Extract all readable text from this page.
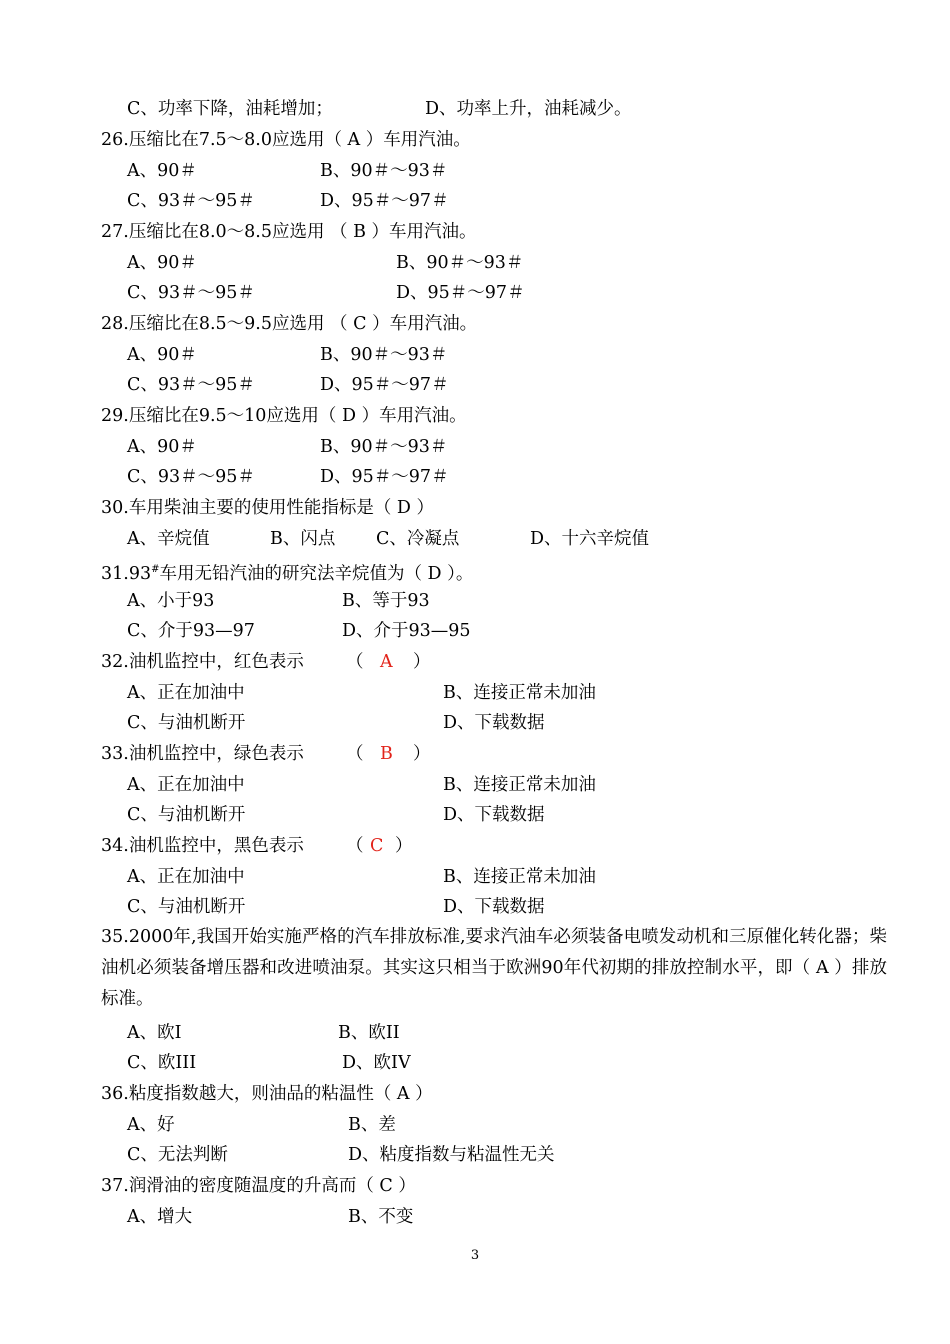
C、功率下降，油耗增加；	D、功率上升，油耗减少。
26.压缩比在7.5～8.0应选用（ A ）车用汽油。
A、90＃	B、90＃～93＃
C、93＃～95＃	D、95＃～97＃
27.压缩比在8.0～8.5应选用 （ B ）车用汽油。
A、90＃	B、90＃～93＃
C、93＃～95＃	D、95＃～97＃
28.压缩比在8.5～9.5应选用 （ C ）车用汽油。
A、90＃	B、90＃～93＃
C、93＃～95＃	D、95＃～97＃
29.压缩比在9.5～10应选用（ D ）车用汽油。
A、90＃	B、90＃～93＃
C、93＃～95＃	D、95＃～97＃
30.车用柴油主要的使用性能指标是（ D ）
A、辛烷值	B、闪点 C、冷凝点	D、十六辛烷值
31.93#车用无铅汽油的研究法辛烷值为（ D ）。
A、小于93	B、等于93
C、介于93—97	D、介于93—95
32.油机监控中，红色表示 （ A ）
A、正在加油中	B、连接正常未加油
C、与油机断开	D、下载数据
33.油机监控中，绿色表示 （ B ）
A、正在加油中	B、连接正常未加油
C、与油机断开	D、下载数据
34.油机监控中，黑色表示 （ C ）
A、正在加油中	B、连接正常未加油
C、与油机断开	D、下载数据
35.2000年,我国开始实施严格的汽车排放标准,要求汽油车必须装备电喷发动机和三原催化转化器；柴油机必须装备增压器和改进喷油泵。其实这只相当于欧洲90年代初期的排放控制水平，即（ A ）排放标准。
A、欧Ⅰ	B、欧II
C、欧III	D、欧IV
36.粘度指数越大，则油品的粘温性（ A ）
A、好	B、差
C、无法判断	D、粘度指数与粘温性无关
37.润滑油的密度随温度的升高而（ C ）
A、增大	B、不变
3
